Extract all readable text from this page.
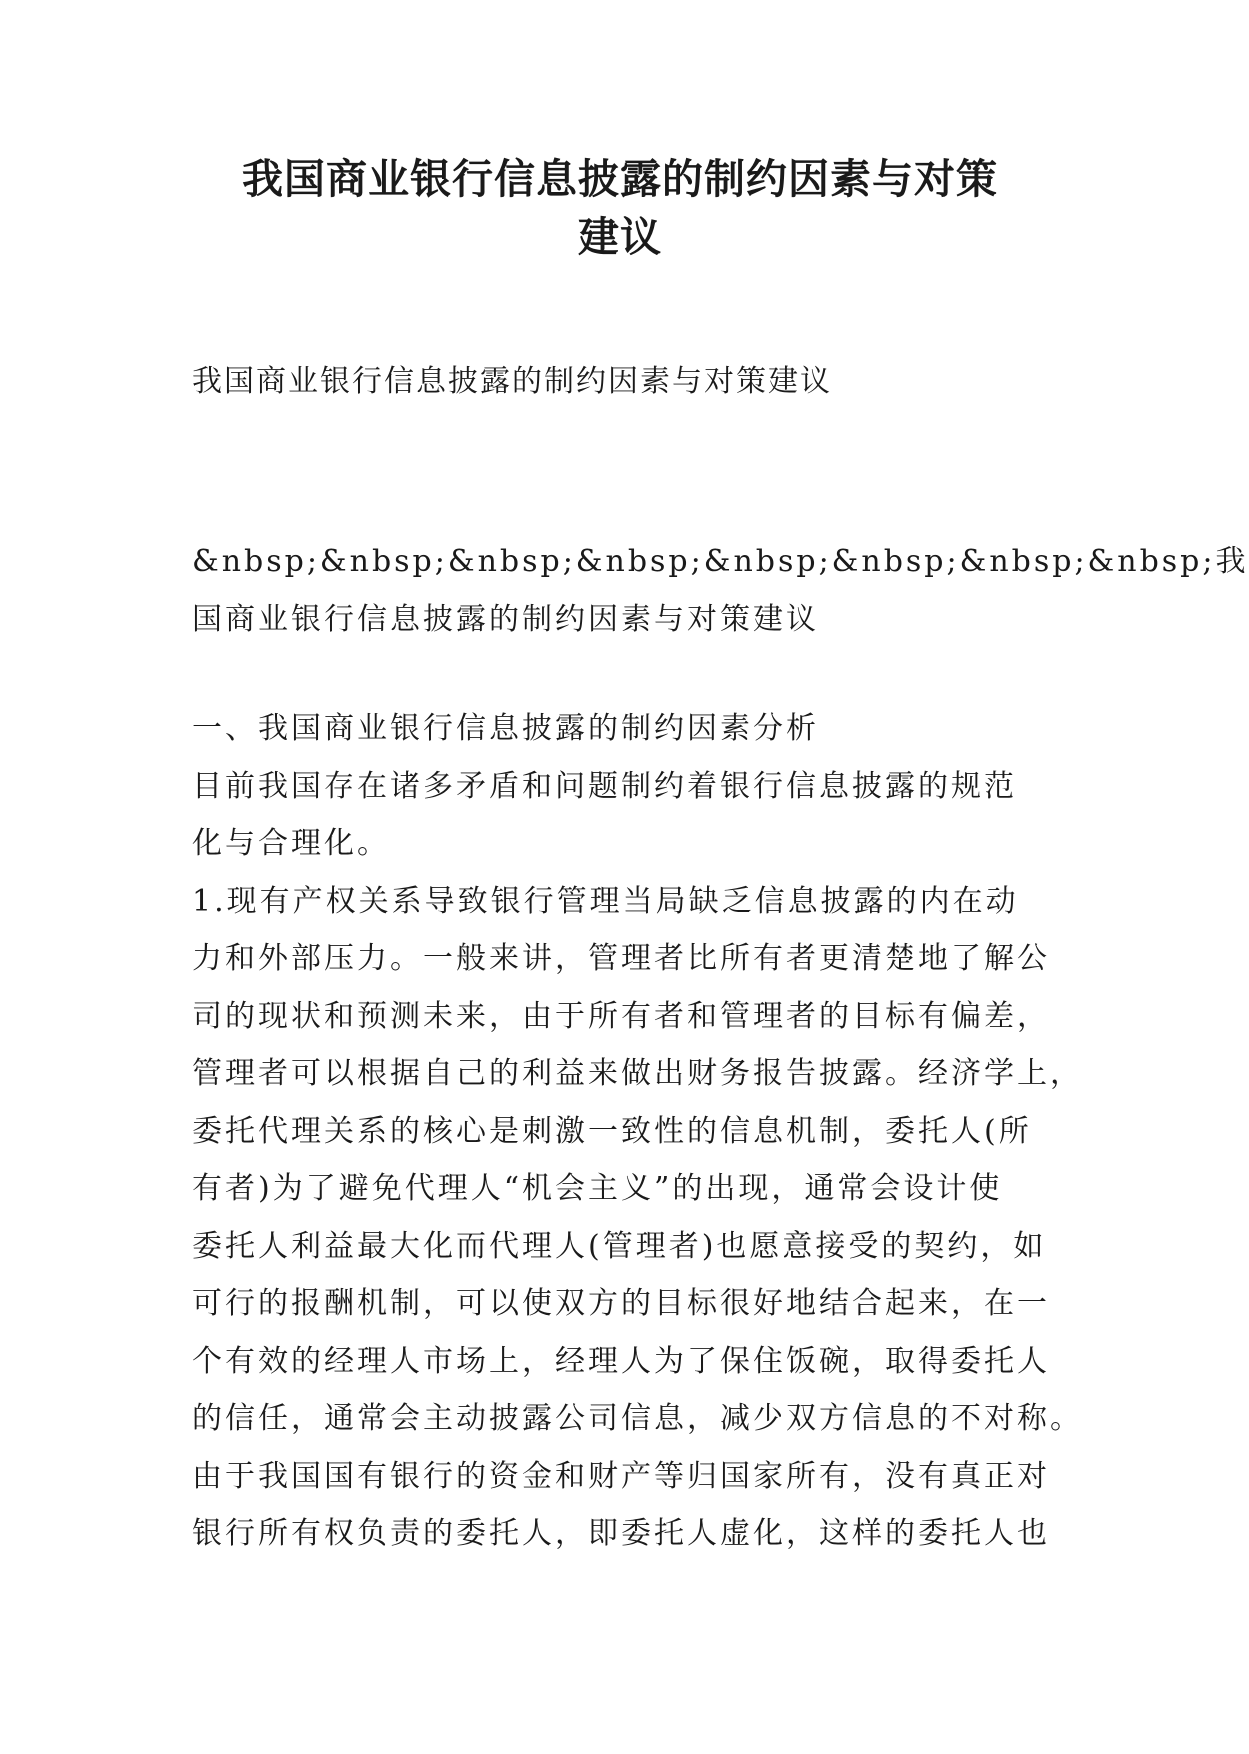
我国商业银行信息披露的制约因素与对策
建议

我国商业银行信息披露的制约因素与对策建议

&nbsp;&nbsp;&nbsp;&nbsp;&nbsp;&nbsp;&nbsp;&nbsp; 我
国商业银行信息披露的制约因素与对策建议
一、我国商业银行信息披露的制约因素分析
目前我国存在诸多矛盾和问题制约着银行信息披露的规范
化与合理化。
1.现有产权关系导致银行管理当局缺乏信息披露的内在动
力和外部压力。一般来讲，管理者比所有者更清楚地了解公
司的现状和预测未来，由于所有者和管理者的目标有偏差，
管理者可以根据自己的利益来做出财务报告披露。经济学上，
委托代理关系的核心是刺激一致性的信息机制，委托人(所
有者)为了避免代理人“机会主义”的出现，通常会设计使
委托人利益最大化而代理人(管理者)也愿意接受的契约，如
可行的报酬机制，可以使双方的目标很好地结合起来，在一
个有效的经理人市场上，经理人为了保住饭碗，取得委托人
的信任，通常会主动披露公司信息，减少双方信息的不对称。
由于我国国有银行的资金和财产等归国家所有，没有真正对
银行所有权负责的委托人，即委托人虚化，这样的委托人也
